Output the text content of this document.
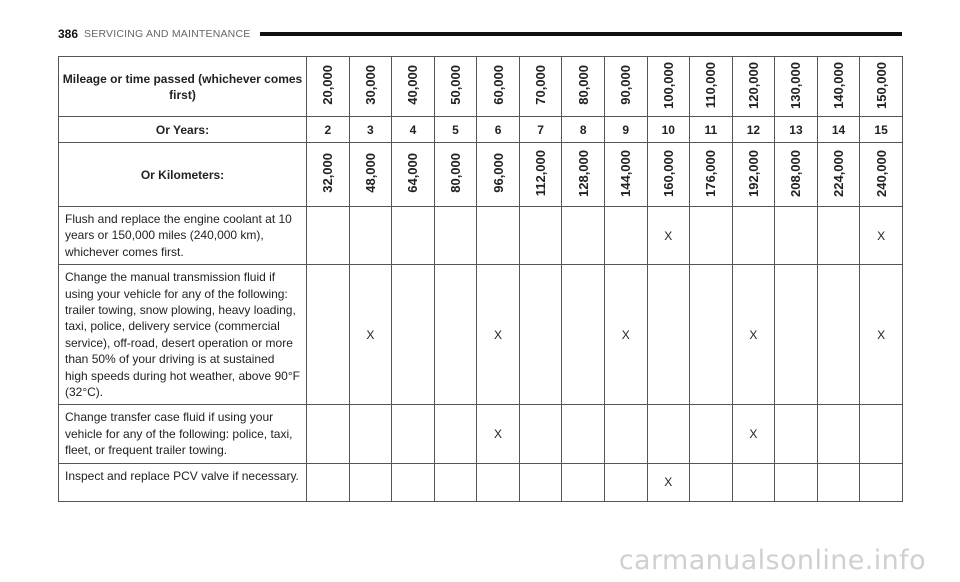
386 SERVICING AND MAINTENANCE
Mileage or time passed (whichever comes first)	20,000	30,000	40,000	50,000	60,000	70,000	80,000	90,000	100,000	110,000	120,000	130,000	140,000	150,000
Or Years:	2	3	4	5	6	7	8	9	10	11	12	13	14	15
Or Kilometers:	32,000	48,000	64,000	80,000	96,000	112,000	128,000	144,000	160,000	176,000	192,000	208,000	224,000	240,000
Flush and replace the engine coolant at 10 years or 150,000 miles (240,000 km), whichever comes first.									X					X
Change the manual transmission fluid if using your vehicle for any of the following: trailer towing, snow plowing, heavy loading, taxi, police, delivery service (commercial service), off-road, desert operation or more than 50% of your driving is at sustained high speeds during hot weather, above 90°F (32°C).		X			X			X			X			X
Change transfer case fluid if using your vehicle for any of the following: police, taxi, fleet, or frequent trailer towing.					X						X			
Inspect and replace PCV valve if necessary.									X					
carmanualsonline.info
